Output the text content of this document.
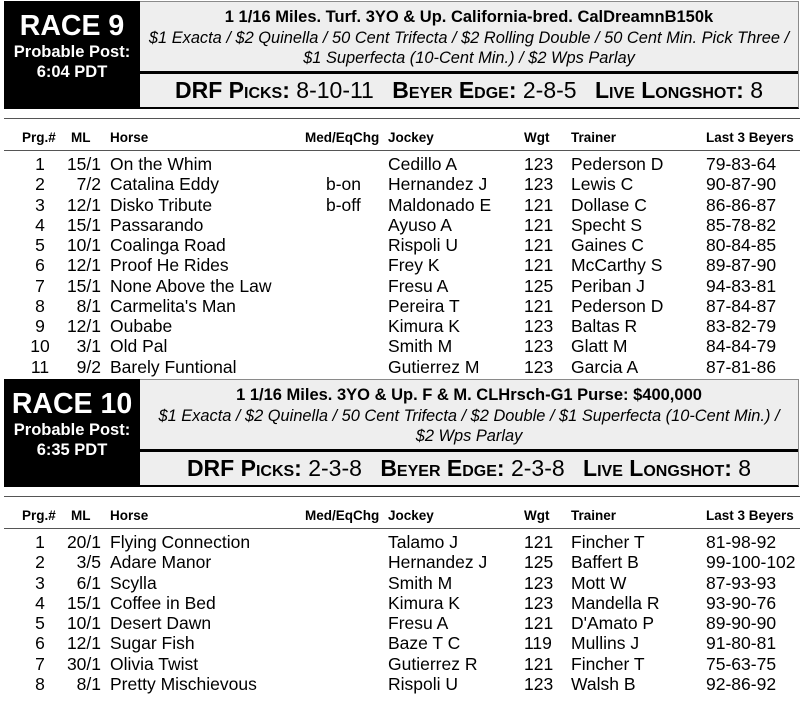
RACE 9
Probable Post:
6:04 PDT
1 1/16 Miles. Turf. 3YO & Up. California-bred. CalDreamnB150k
$1 Exacta / $2 Quinella / 50 Cent Trifecta / $2 Rolling Double / 50 Cent Min. Pick Three /
$1 Superfecta (10-Cent Min.) / $2 Wps Parlay
DRF Picks: 8-10-11 Beyer Edge: 2-8-5 Live Longshot: 8
Prg.# ML Horse	Med/EqChg Jockey	Wgt Trainer	Last 3 Beyers
1	15/1 On the Whim	Cedillo A	123 Pederson D 79-83-64
2	7/2 Catalina Eddy	b-on Hernandez J 123 Lewis C	90-87-90
3	12/1 Disko Tribute	b-off Maldonado E 121 Dollase C	86-86-87
4	15/1 Passarando	Ayuso A	121 Specht S	85-78-82
5	10/1 Coalinga Road	Rispoli U	121 Gaines C	80-84-85
6	12/1 Proof He Rides	Frey K	121 McCarthy S 89-87-90
7	15/1 None Above the Law	Fresu A	125 Periban J	94-83-81
8	8/1 Carmelita's Man	Pereira T	121 Pederson D 87-84-87
9	12/1 Oubabe	Kimura K	123 Baltas R	83-82-79
10	3/1 Old Pal	Smith M	123 Glatt M	84-84-79
11	9/2 Barely Funtional	Gutierrez M	123 Garcia A	87-81-86
RACE 10
Probable Post:
6:35 PDT
1 1/16 Miles. 3YO & Up. F & M. CLHrsch-G1 Purse: $400,000
$1 Exacta / $2 Quinella / 50 Cent Trifecta / $2 Double / $1 Superfecta (10-Cent Min.) /
$2 Wps Parlay
DRF Picks: 2-3-8 Beyer Edge: 2-3-8 Live Longshot: 8
Prg.# ML Horse	Med/EqChg Jockey	Wgt Trainer	Last 3 Beyers
1	20/1 Flying Connection	Talamo J	121 Fincher T	81-98-92
2	3/5 Adare Manor	Hernandez J 125 Baffert B	99-100-102
3	6/1 Scylla	Smith M	123 Mott W	87-93-93
4	15/1 Coffee in Bed	Kimura K	123 Mandella R	93-90-76
5	10/1 Desert Dawn	Fresu A	121 D'Amato P	89-90-90
6	12/1 Sugar Fish	Baze T C	119 Mullins J	91-80-81
7	30/1 Olivia Twist	Gutierrez R	121 Fincher T	75-63-75
8	8/1 Pretty Mischievous	Rispoli U	123 Walsh B	92-86-92
